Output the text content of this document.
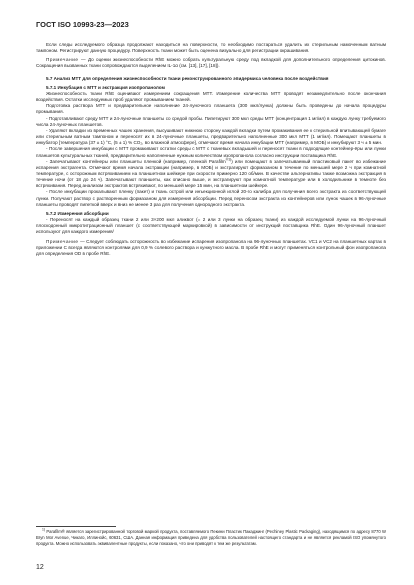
ГОСТ ISO 10993-23—2023

Если следы исследуемого образца продолжают находиться на поверхности, то необходимо постараться удалить их стерильным намоченным ватным тампоном. Регистрируют данную процедуру. Поверхность ткани может быть оценена визуально для регистрации окрашивания.

Примечание — До оценки жизнеспособности RhE можно собрать культуральную среду под вкладкой для дополнительного определения цитокинов. Сокращения вызванных ткани сопровождаются выделением IL-1α (см. [13], [17], [18]).

5.7 Анализ МТТ для определения жизнеспособности ткани реконструированного эпидермиса человека после воздействия

5.7.1 Инкубация с МТТ и экстракция изопропанолом

Жизнеспособность ткани RhE оценивают измерением сокращения МТТ. Измерение количества МТТ проводят незамедлительно после окончания воздействия. Остатки исследуемых проб удаляют промыванием тканей.

Подготовка раствора МТТ и предварительное наполнение 24-луночного планшета (300 мкл/лунка) должны быть проведены до начала процедуры промывания.

- Подготавливают среду МТТ и 24-луночные планшеты со средой пробы. Пипетируют 300 мкл среды МТТ (концентрация 1 мг/мл) в каждую лунку требуемого числа 24-луночных планшетов.

- Удаляют вкладки из временных чашек хранения, высушивают нижнюю сторону каждой вкладки путем промакивания ее к стерильной впитывающей бумаге или стерильным ватным тампоном и переносят их в 24-луночные планшеты, предварительно наполненные 300 мкл МТТ (1 мг/мл). Помещают планшеты в инкубатор [температура (37 ± 1) °C, (5 ± 1) % CO₂, во влажной атмосфере], отмечают время начала инкубации МТТ (например, в МОБ) и инкубируют 3 ч ± 5 мин.

- После завершения инкубации с МТТ промакивают остатки среды с МТТ с тканевых вкладышей и переносят ткани в подходящие контейнер-ёры или лунки планшетов культуральных тканей, предварительно наполненные нужным количеством изопропанола согласно инструкции поставщика RhE.

- Запечатывают контейнеры или планшеты пленкой (например, пленкой Parafilm$^{®1)}$) или помещают в запечатываемый пластиковый пакет во избежание испарения экстрагента. Отмечают время начала экстракции (например, в МОБ) и экстрагируют формазаном в течение по меньшей мере 2 ч при комнатной температуре, с осторожным встряхиванием на планшетном шейкере при скорости примерно 120 об/мин. В качестве альтернативы также возможна экстракция в течение ночи (от 18 до 24 ч). Запечатывают планшеты, как описано выше, и экстрагируют при комнатной температуре или в холодильнике в темноте без встряхивания. Перед анализом экстрактов встряхивают, по меньшей мере 15 мин, на планшетном шейкере.

- После инкубации прокалывают пленку (пакет) и ткань острой или инъекционной иглой 20-го калибра для получения всего экстракта из соответствующей лунки. Получают раствор с растворенным формазаном для измерения абсорбции. Перед переносом экстракта из контейнеров или лунок чашек в 96-луночные планшеты проводят пипеткой вверх и вниз не менее 3 раз для получения однородного экстракта.

5.7.2 Измерения абсорбции

- Переносят на каждый образец ткани 2 или 3×200 мкл аликвот (= 2 или 3 лунки на образец ткани) из каждой исследуемой лунки на 96-луночный плоскодонный микротитрационный планшет (с соответствующей маркировкой) в зависимости от инструкций поставщика RhE. Один 96-луночный планшет используют для каждого измерения/

Примечание — Следует соблюдать осторожность во избежание испарения изопропанола на 96-луночных планшетах. VC1 и VC2 на планшетных картах в приложении С всегда являются контролями для 0,9 % солевого раствора и кунжутного масла. В пробе RhE и могут применяться контрольный фон изопропанола для определения OD в пробе RhE.

$^{1)}$ Parafilm® является зарегистрированной торговой маркой продукта, поставляемого Пекини Пластик Пакаджинг (Pechiney Plastic Packaging), находящимся по адресу 8770 W Bryn Mor Avenue, Чикаго, Иллинойс, 60631, США. Данная информация приведена для удобства пользователей настоящего стандарта и не является рекламой ISO упомянутого продукта. Можно использовать эквивалентные продукты, если показано, что они приводят к тем же результатам.

12
